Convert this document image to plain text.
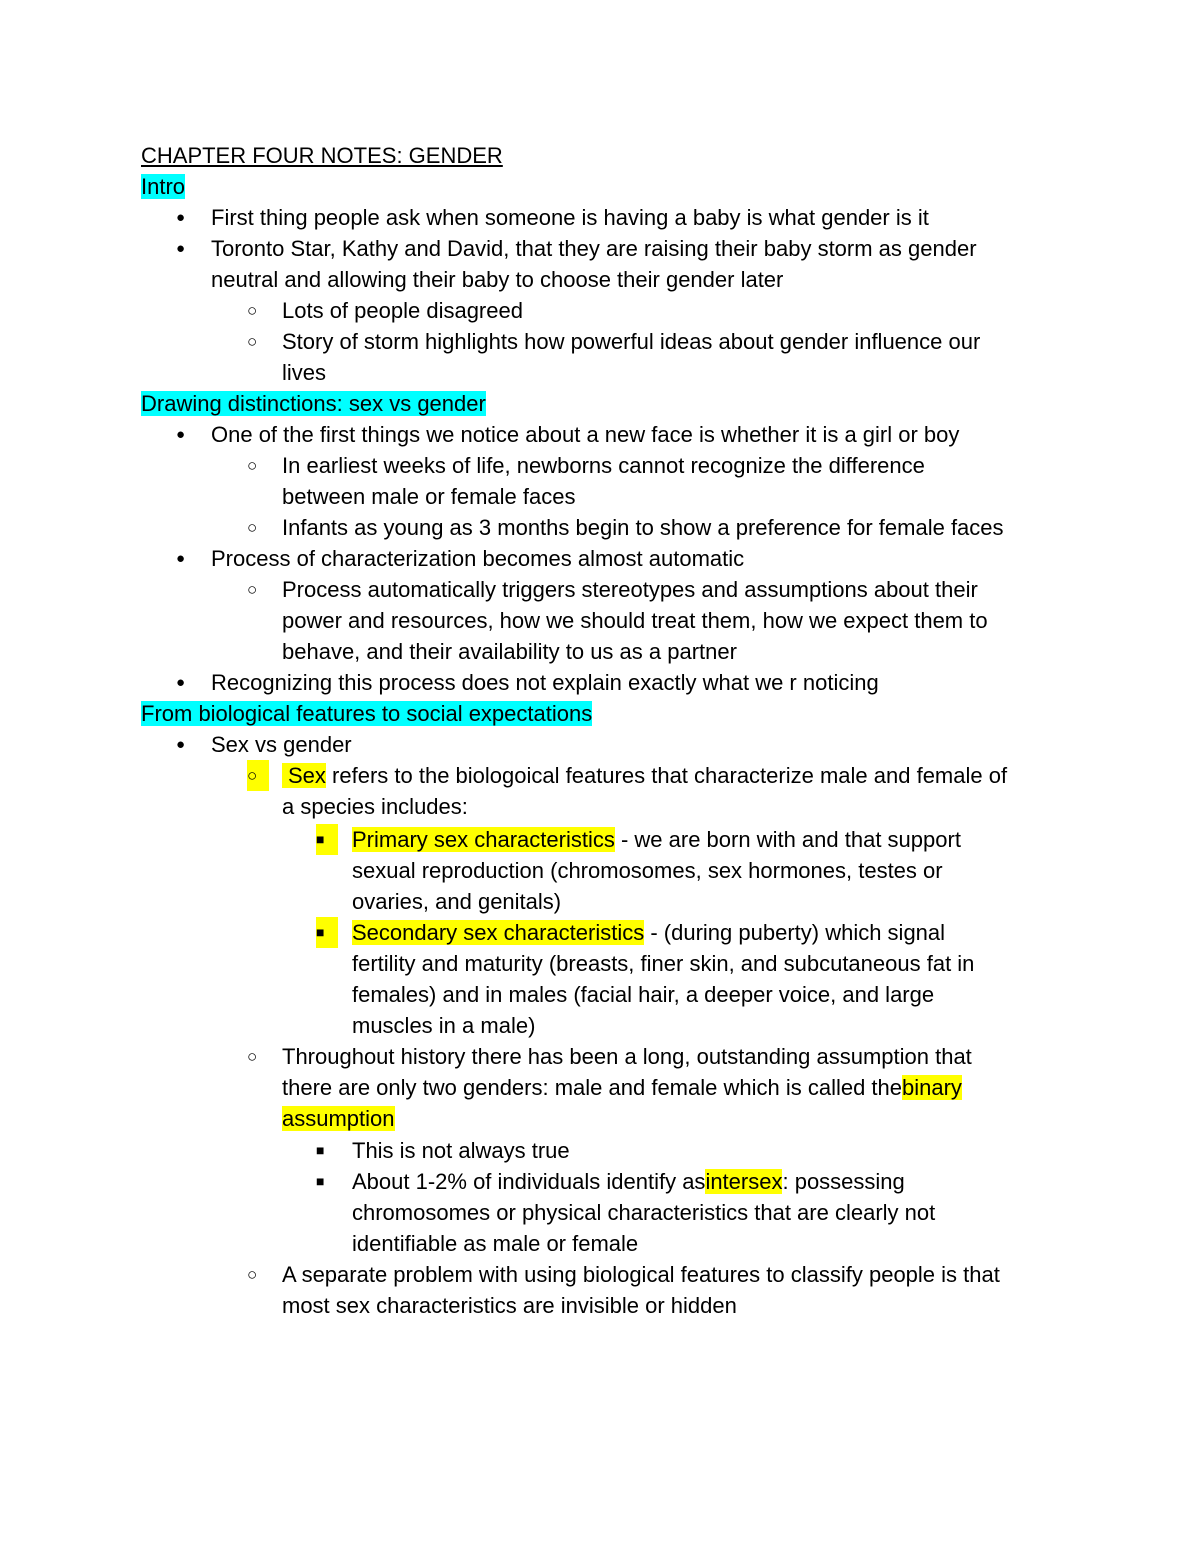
CHAPTER FOUR NOTES: GENDER
Intro
● First thing people ask when someone is having a baby is what gender is it
● Toronto Star, Kathy and David, that they are raising their baby storm as gender
neutral and allowing their baby to choose their gender later
○ Lots of people disagreed
○ Story of storm highlights how powerful ideas about gender influence our
lives
Drawing distinctions: sex vs gender
● One of the first things we notice about a new face is whether it is a girl or boy
○ In earliest weeks of life, newborns cannot recognize the difference
between male or female faces
○ Infants as young as 3 months begin to show a preference for female faces
● Process of characterization becomes almost automatic
○ Process automatically triggers stereotypes and assumptions about their
power and resources, how we should treat them, how we expect them to
behave, and their availability to us as a partner
● Recognizing this process does not explain exactly what we r noticing
From biological features to social expectations
● Sex vs gender
○	Sex refers to the biologoical features that characterize male and female of
a species includes:
■	Primary sex characteristics - we are born with and that support
sexual reproduction (chromosomes, sex hormones, testes or
ovaries, and genitals)
■	Secondary sex characteristics - (during puberty) which signal
fertility and maturity (breasts, finer skin, and subcutaneous fat in
females) and in males (facial hair, a deeper voice, and large
muscles in a male)
○ Throughout history there has been a long, outstanding assumption that
there are only two genders: male and female which is called thebinary
assumption
■ This is not always true
■ About 1-2% of individuals identify asintersex: possessing
chromosomes or physical characteristics that are clearly not
identifiable as male or female
○ A separate problem with using biological features to classify people is that
most sex characteristics are invisible or hidden
